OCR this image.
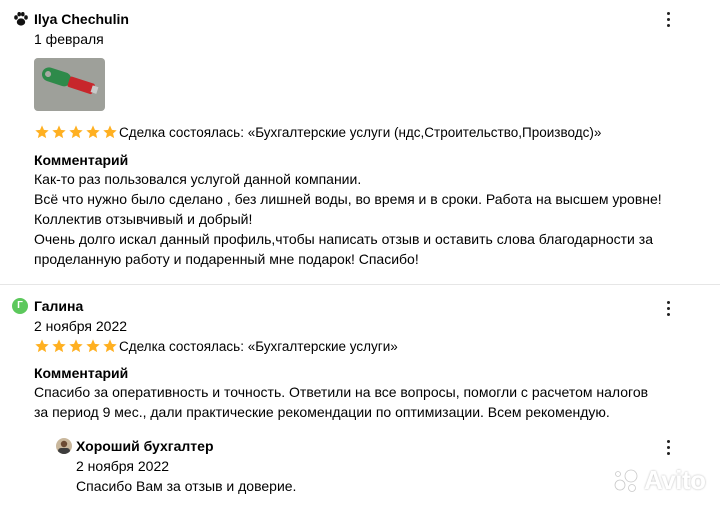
Ilya Chechulin
1 февраля
Сделка состоялась: «Бухгалтерские услуги (ндс,Строительство,Производс)»
Комментарий
Как-то раз пользовался услугой данной компании.
Всё что нужно было сделано , без лишней воды, во время и в сроки. Работа на высшем уровне!
Коллектив отзывчивый и добрый!
Очень долго искал данный профиль,чтобы написать отзыв и оставить слова благодарности за
проделанную работу и подаренный мне подарок! Спасибо!
Г Галина
2 ноября 2022
Сделка состоялась: «Бухгалтерские услуги»
Комментарий
Спасибо за оперативность и точность. Ответили на все вопросы, помогли с расчетом налогов
за период 9 мес., дали практические рекомендации по оптимизации. Всем рекомендую.
Хороший бухгалтер
2 ноября 2022
Спасибо Вам за отзыв и доверие.	Avito
